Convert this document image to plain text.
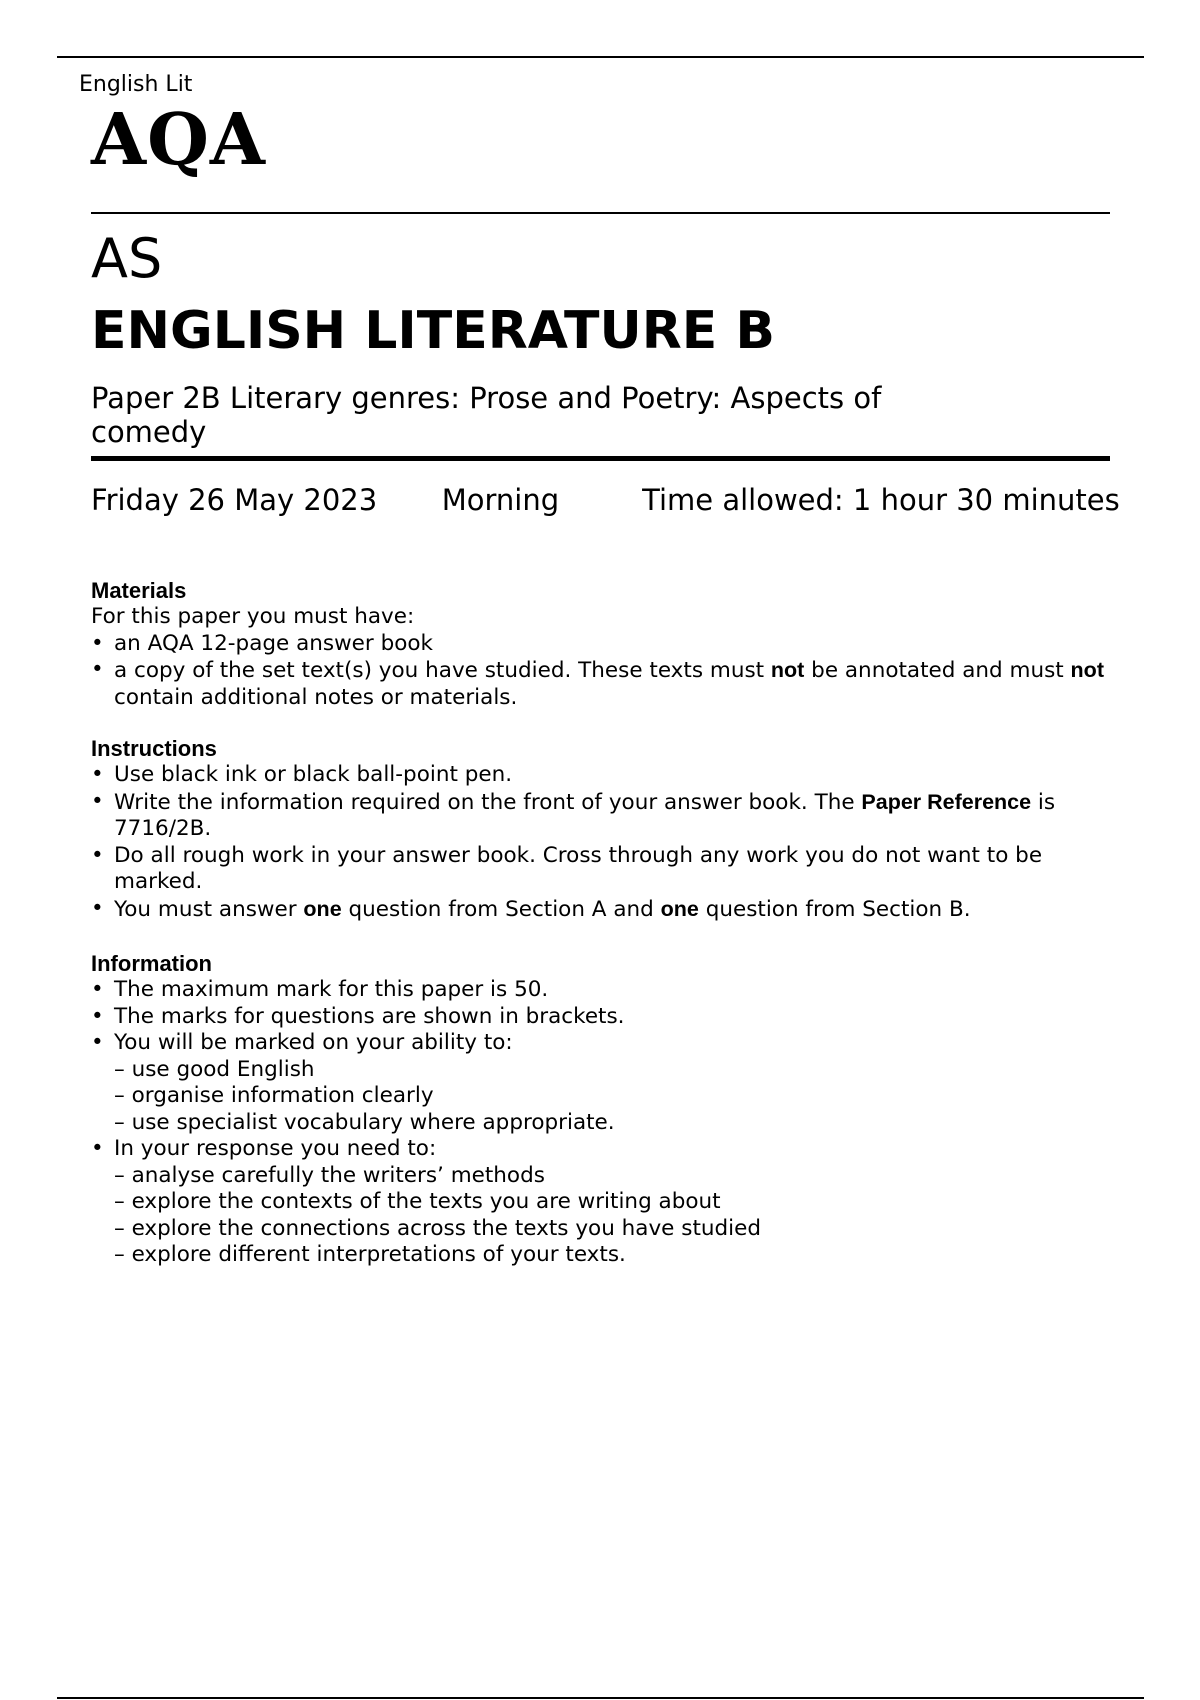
English Lit
AQA
AS
ENGLISH LITERATURE B
Paper 2B Literary genres: Prose and Poetry: Aspects of comedy
Friday 26 May 2023 Morning	Time allowed: 1 hour 30 minutes
Materials
For this paper you must have:
• an AQA 12-page answer book
• a copy of the set text(s) you have studied. These texts must not be annotated and must not contain additional notes or materials.
Instructions
• Use black ink or black ball-point pen.
• Write the information required on the front of your answer book. The Paper Reference is 7716/2B.
• Do all rough work in your answer book. Cross through any work you do not want to be marked.
• You must answer one question from Section A and one question from Section B.
Information
• The maximum mark for this paper is 50.
• The marks for questions are shown in brackets.
• You will be marked on your ability to:
– use good English
– organise information clearly
– use specialist vocabulary where appropriate.
• In your response you need to:
– analyse carefully the writers’ methods
– explore the contexts of the texts you are writing about
– explore the connections across the texts you have studied
– explore different interpretations of your texts.
